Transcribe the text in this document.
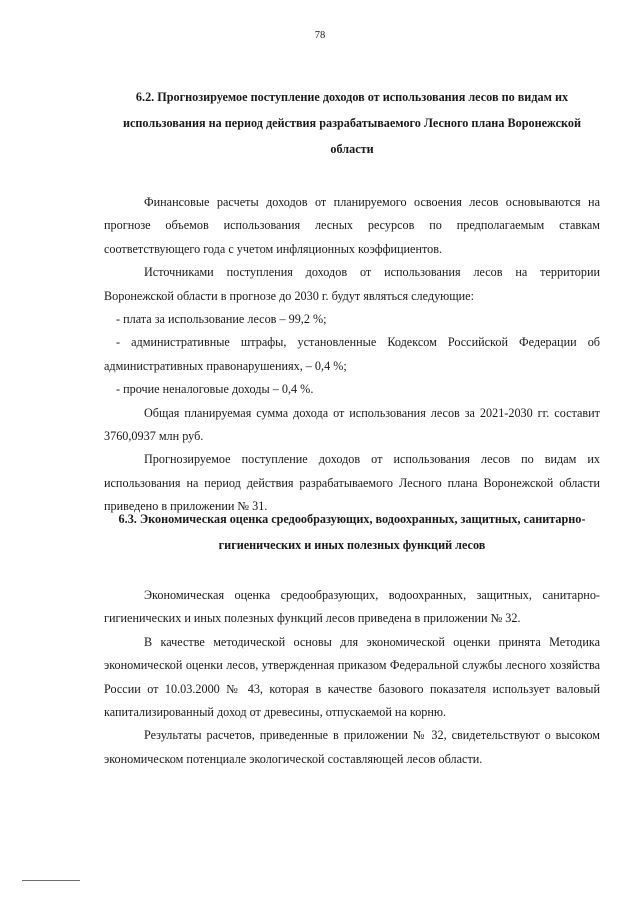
78
6.2. Прогнозируемое поступление доходов от использования лесов по видам их использования на период действия разрабатываемого Лесного плана Воронежской области

Финансовые расчеты доходов от планируемого освоения лесов основываются на прогнозе объемов использования лесных ресурсов по предполагаемым ставкам соответствующего года с учетом инфляционных коэффициентов.

Источниками поступления доходов от использования лесов на территории Воронежской области в прогнозе до 2030 г. будут являться следующие:

- плата за использование лесов – 99,2 %;

- административные штрафы, установленные Кодексом Российской Федерации об административных правонарушениях, – 0,4 %;

- прочие неналоговые доходы – 0,4 %.

Общая планируемая сумма дохода от использования лесов за 2021-2030 гг. составит 3760,0937 млн руб.

Прогнозируемое поступление доходов от использования лесов по видам их использования на период действия разрабатываемого Лесного плана Воронежской области приведено в приложении № 31.

6.3. Экономическая оценка средообразующих, водоохранных, защитных, санитарно-гигиенических и иных полезных функций лесов

Экономическая оценка средообразующих, водоохранных, защитных, санитарно-гигиенических и иных полезных функций лесов приведена в приложении № 32.

В качестве методической основы для экономической оценки принята Методика экономической оценки лесов, утвержденная приказом Федеральной службы лесного хозяйства России от 10.03.2000 № 43, которая в качестве базового показателя использует валовый капитализированный доход от древесины, отпускаемой на корню.

Результаты расчетов, приведенные в приложении № 32, свидетельствуют о высоком экономическом потенциале экологической составляющей лесов области.
